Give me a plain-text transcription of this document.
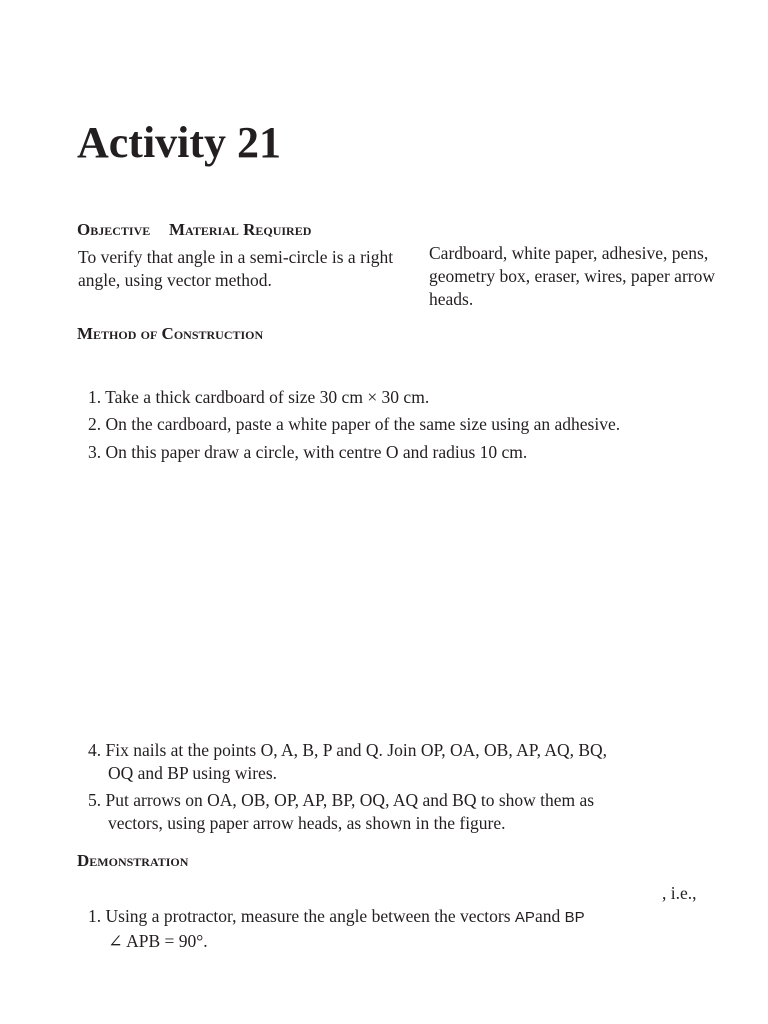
Activity 21
Objective Material Required
To verify that angle in a semi-circle is a right angle, using vector method.
Cardboard, white paper, adhesive, pens, geometry box, eraser, wires, paper arrow heads.
Method of Construction
1. Take a thick cardboard of size 30 cm × 30 cm.
2. On the cardboard, paste a white paper of the same size using an adhesive.
3. On this paper draw a circle, with centre O and radius 10 cm.
4. Fix nails at the points O, A, B, P and Q. Join OP, OA, OB, AP, AQ, BQ,
OQ and BP using wires.
5. Put arrows on OA, OB, OP, AP, BP, OQ, AQ and BQ to show them as
vectors, using paper arrow heads, as shown in the figure.
Demonstration
, i.e.,
1. Using a protractor, measure the angle between the vectors APand BP
∠ APB = 90°.
